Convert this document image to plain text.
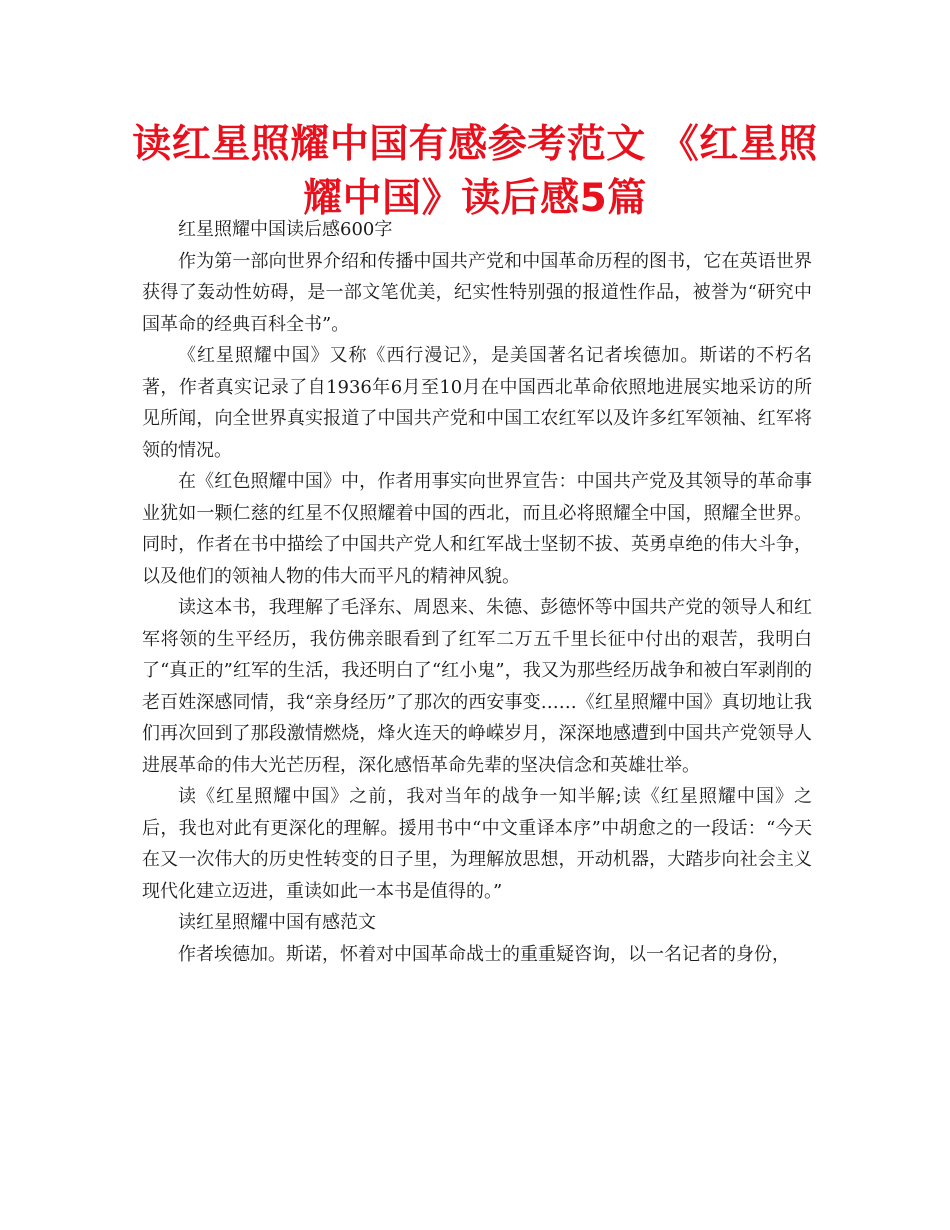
读红星照耀中国有感参考范文 《红星照耀中国》读后感5篇

红星照耀中国读后感600字

作为第一部向世界介绍和传播中国共产党和中国革命历程的图书，它在英语世界获得了轰动性妨碍，是一部文笔优美，纪实性特别强的报道性作品，被誉为“研究中国革命的经典百科全书”。

《红星照耀中国》又称《西行漫记》，是美国著名记者埃德加。斯诺的不朽名著，作者真实记录了自1936年6月至10月在中国西北革命依照地进展实地采访的所见所闻，向全世界真实报道了中国共产党和中国工农红军以及许多红军领袖、红军将领的情况。

在《红色照耀中国》中，作者用事实向世界宣告：中国共产党及其领导的革命事业犹如一颗仁慈的红星不仅照耀着中国的西北，而且必将照耀全中国，照耀全世界。同时，作者在书中描绘了中国共产党人和红军战士坚韧不拔、英勇卓绝的伟大斗争，以及他们的领袖人物的伟大而平凡的精神风貌。

读这本书，我理解了毛泽东、周恩来、朱德、彭德怀等中国共产党的领导人和红军将领的生平经历，我仿佛亲眼看到了红军二万五千里长征中付出的艰苦，我明白了“真正的”红军的生活，我还明白了“红小鬼”，我又为那些经历战争和被白军剥削的老百姓深感同情，我“亲身经历”了那次的西安事变……《红星照耀中国》真切地让我们再次回到了那段激情燃烧，烽火连天的峥嵘岁月，深深地感遭到中国共产党领导人进展革命的伟大光芒历程，深化感悟革命先辈的坚决信念和英雄壮举。

读《红星照耀中国》之前，我对当年的战争一知半解;读《红星照耀中国》之后，我也对此有更深化的理解。援用书中“中文重译本序”中胡愈之的一段话：“今天在又一次伟大的历史性转变的日子里，为理解放思想，开动机器，大踏步向社会主义现代化建立迈进，重读如此一本书是值得的。”

读红星照耀中国有感范文

作者埃德加。斯诺，怀着对中国革命战士的重重疑咨询，以一名记者的身份，
